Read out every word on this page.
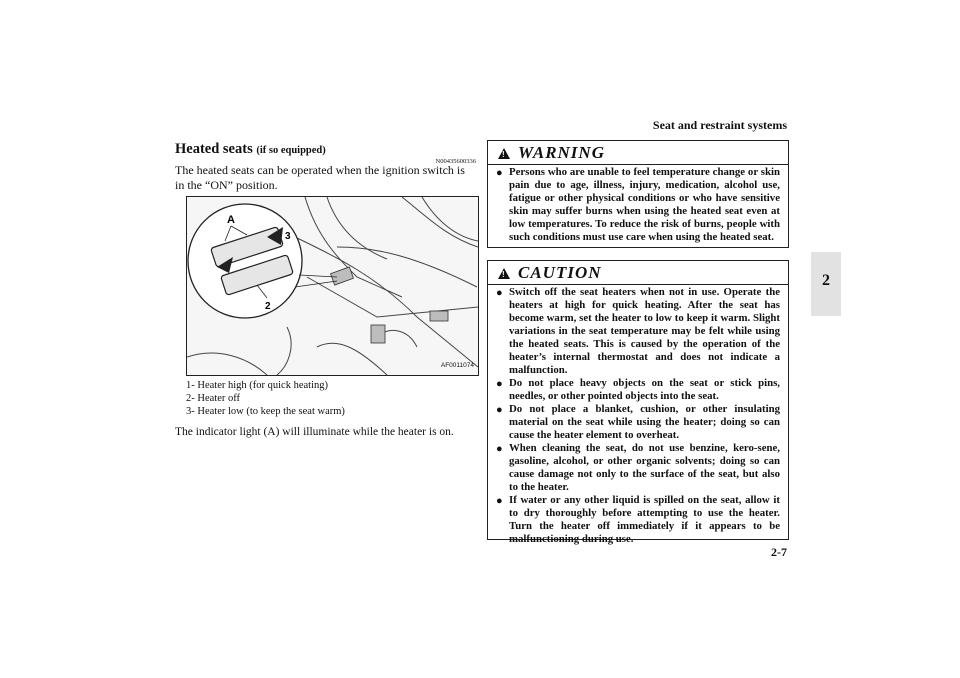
Seat and restraint systems
2
Heated seats (if so equipped)
N00435600336
The heated seats can be operated when the ignition switch is in the “ON” position.
A
3
2
AF0011074
1- Heater high (for quick heating)
2- Heater off
3- Heater low (to keep the seat warm)
The indicator light (A) will illuminate while the heater is on.
!
WARNING
● Persons who are unable to feel temperature change or skin pain due to age, illness, injury, medication, alcohol use, fatigue or other physical conditions or who have sensitive skin may suffer burns when using the heated seat even at low temperatures. To reduce the risk of burns, people with such conditions must use care when using the heated seat.
!
CAUTION
● Switch off the seat heaters when not in use. Operate the heaters at high for quick heating. After the seat has become warm, set the heater to low to keep it warm. Slight variations in the seat temperature may be felt while using the heated seats. This is caused by the operation of the heater’s internal thermostat and does not indicate a malfunction.
● Do not place heavy objects on the seat or stick pins, needles, or other pointed objects into the seat.
● Do not place a blanket, cushion, or other insulating material on the seat while using the heater; doing so can cause the heater element to overheat.
● When cleaning the seat, do not use benzine, kero-sene, gasoline, alcohol, or other organic solvents; doing so can cause damage not only to the surface of the seat, but also to the heater.
● If water or any other liquid is spilled on the seat, allow it to dry thoroughly before attempting to use the heater. Turn the heater off immediately if it appears to be malfunctioning during use.
2-7
